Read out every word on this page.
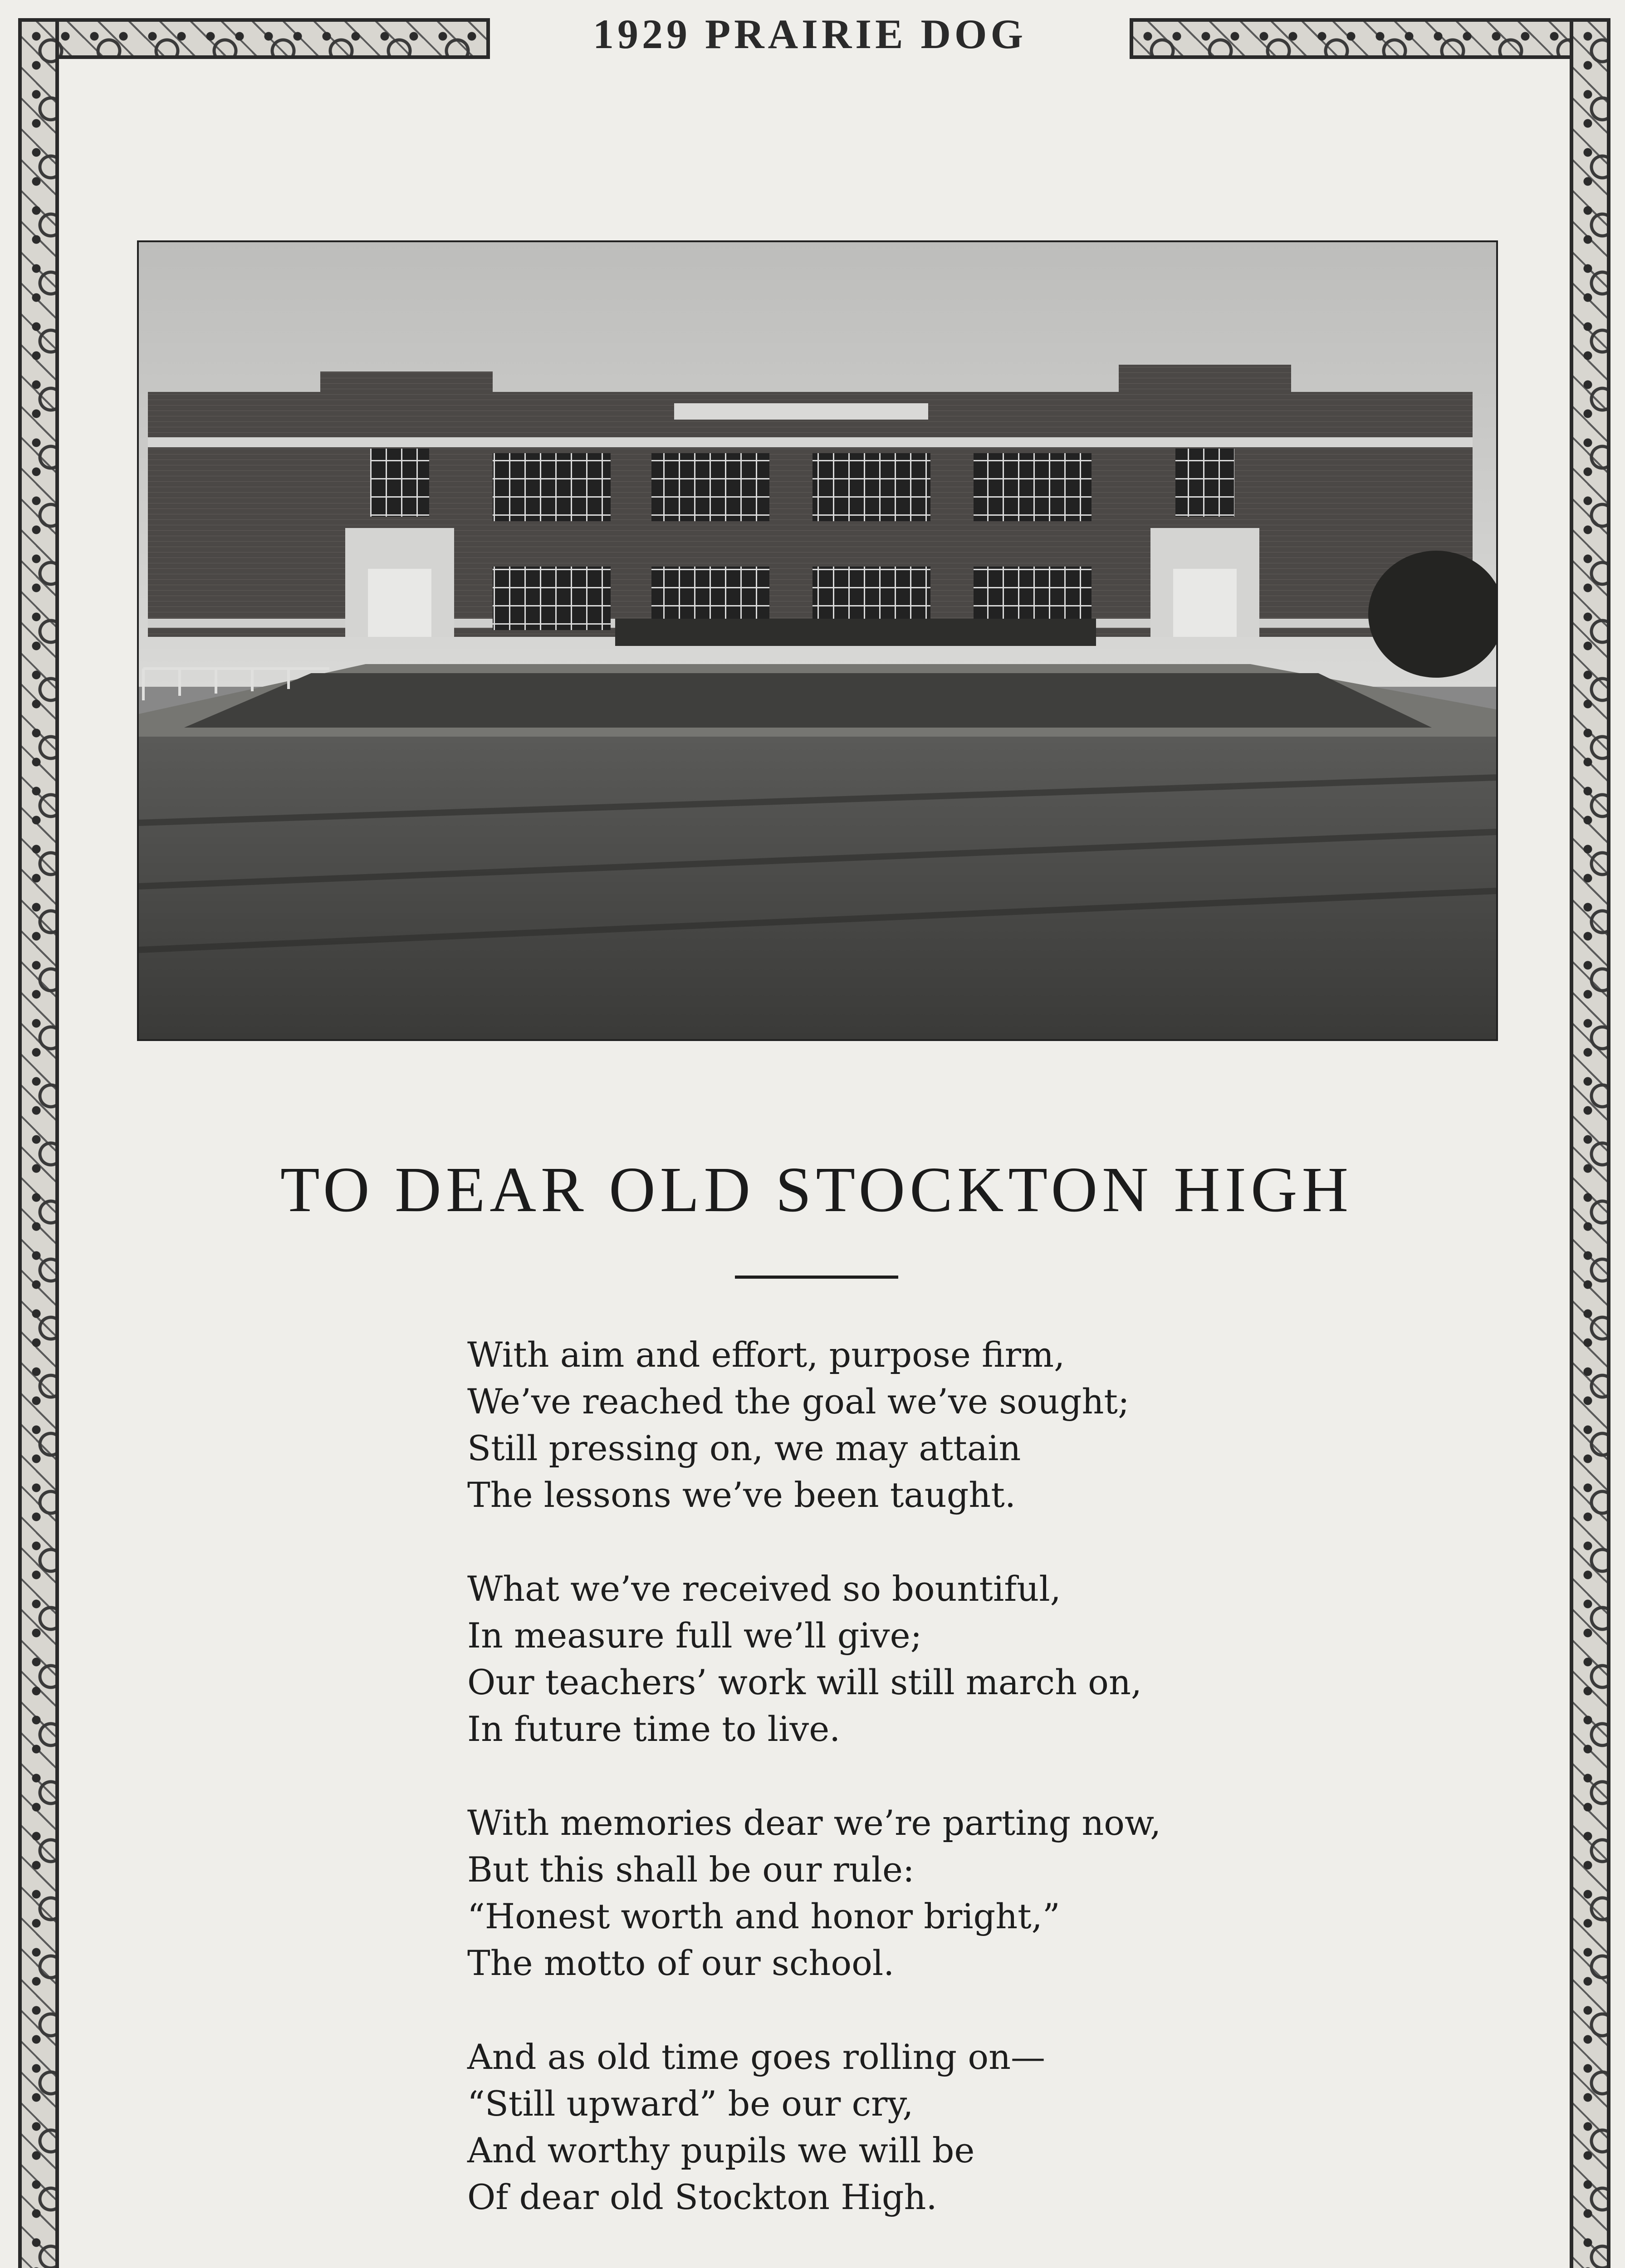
1929 PRAIRIE DOG
TO DEAR OLD STOCKTON HIGH
With aim and effort, purpose firm,
We’ve reached the goal we’ve sought;
Still pressing on, we may attain
The lessons we’ve been taught.
What we’ve received so bountiful,
In measure full we’ll give;
Our teachers’ work will still march on,
In future time to live.
With memories dear we’re parting now,
But this shall be our rule:
“Honest worth and honor bright,”
The motto of our school.
And as old time goes rolling on—
“Still upward” be our cry,
And worthy pupils we will be
Of dear old Stockton High.
